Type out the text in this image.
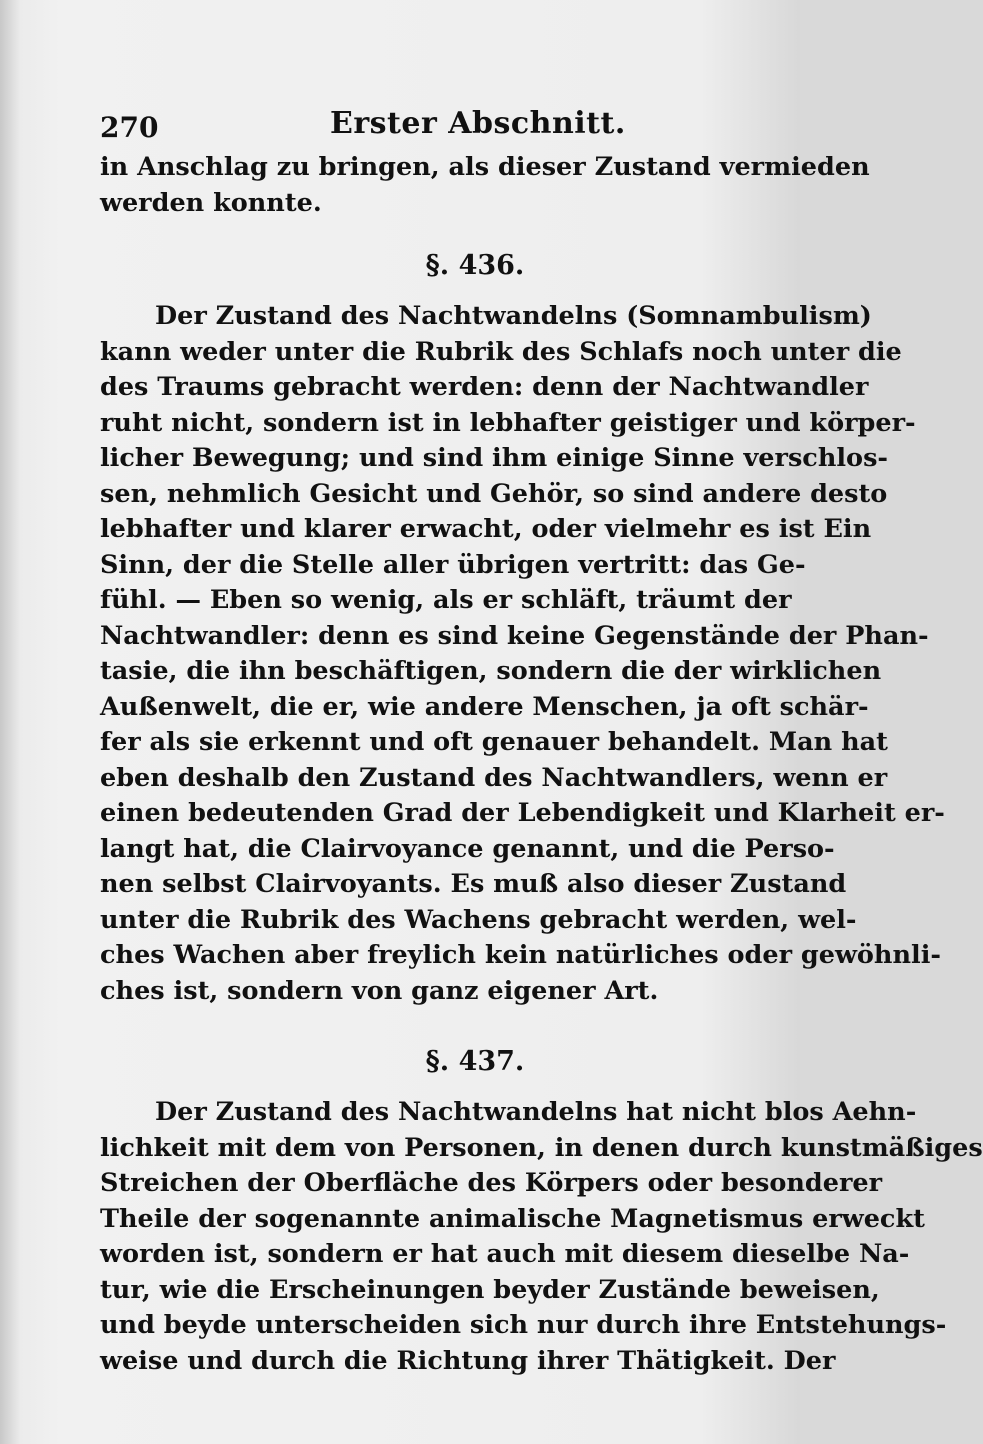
270	Erster Abschnitt.
in Anschlag zu bringen, als dieser Zustand vermieden
werden konnte.
§. 436.
Der Zustand des Nachtwandelns (Somnambulism)
kann weder unter die Rubrik des Schlafs noch unter die
des Traums gebracht werden: denn der Nachtwandler
ruht nicht, sondern ist in lebhafter geistiger und körper-
licher Bewegung; und sind ihm einige Sinne verschlos-
sen, nehmlich Gesicht und Gehör, so sind andere desto
lebhafter und klarer erwacht, oder vielmehr es ist Ein
Sinn, der die Stelle aller übrigen vertritt: das Ge-
fühl. — Eben so wenig, als er schläft, träumt der
Nachtwandler: denn es sind keine Gegenstände der Phan-
tasie, die ihn beschäftigen, sondern die der wirklichen
Außenwelt, die er, wie andere Menschen, ja oft schär-
fer als sie erkennt und oft genauer behandelt. Man hat
eben deshalb den Zustand des Nachtwandlers, wenn er
einen bedeutenden Grad der Lebendigkeit und Klarheit er-
langt hat, die Clairvoyance genannt, und die Perso-
nen selbst Clairvoyants. Es muß also dieser Zustand
unter die Rubrik des Wachens gebracht werden, wel-
ches Wachen aber freylich kein natürliches oder gewöhnli-
ches ist, sondern von ganz eigener Art.
§. 437.
Der Zustand des Nachtwandelns hat nicht blos Aehn-
lichkeit mit dem von Personen, in denen durch kunstmäßiges
Streichen der Oberfläche des Körpers oder besonderer
Theile der sogenannte animalische Magnetismus erweckt
worden ist, sondern er hat auch mit diesem dieselbe Na-
tur, wie die Erscheinungen beyder Zustände beweisen,
und beyde unterscheiden sich nur durch ihre Entstehungs-
weise und durch die Richtung ihrer Thätigkeit. Der
